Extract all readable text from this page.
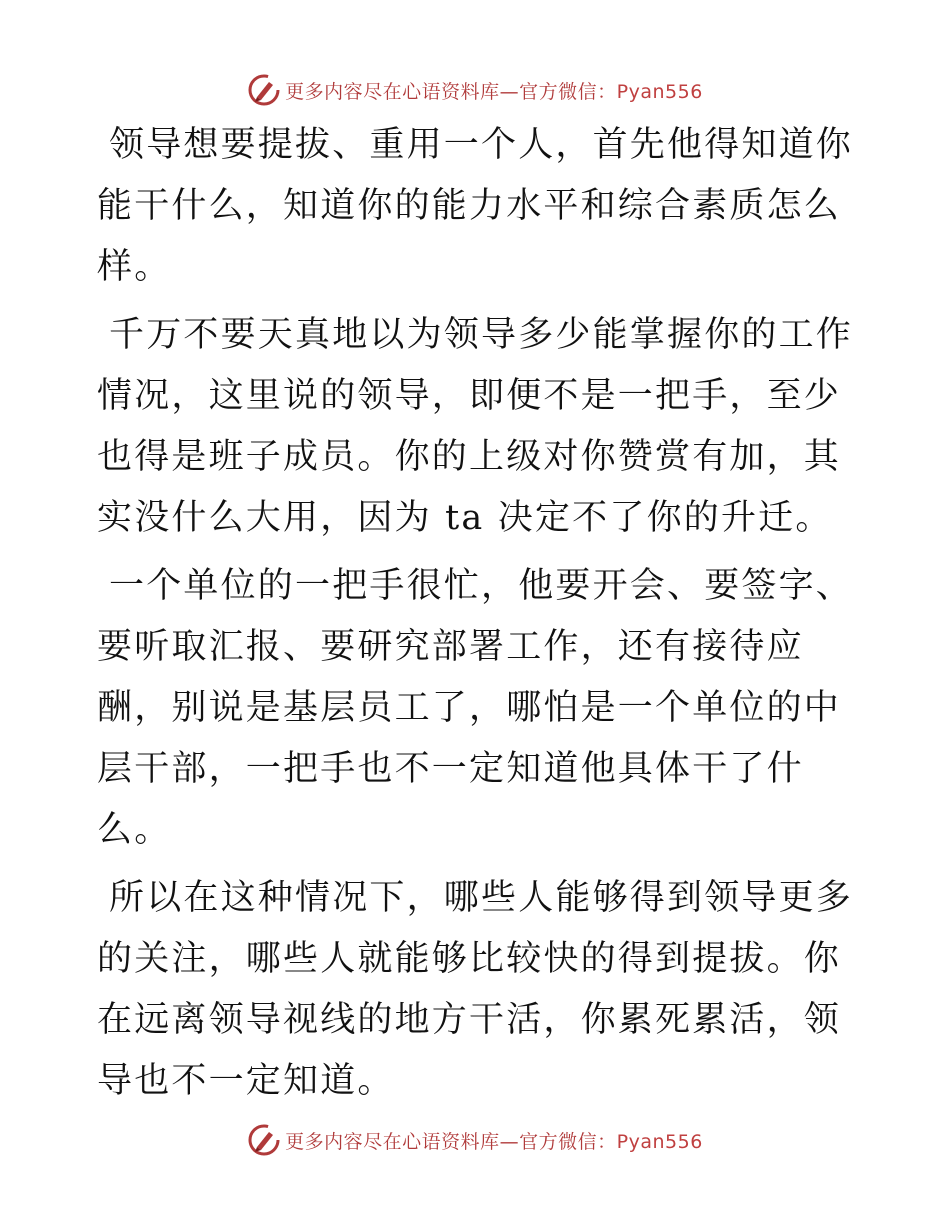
更多内容尽在心语资料库—官方微信：Pyan556

领导想要提拔、重用一个人，首先他得知道你能干什么，知道你的能力水平和综合素质怎么样。

千万不要天真地以为领导多少能掌握你的工作情况，这里说的领导，即便不是一把手，至少也得是班子成员。你的上级对你赞赏有加，其实没什么大用，因为 ta 决定不了你的升迁。

一个单位的一把手很忙，他要开会、要签字、要听取汇报、要研究部署工作，还有接待应酬，别说是基层员工了，哪怕是一个单位的中层干部，一把手也不一定知道他具体干了什么。

所以在这种情况下，哪些人能够得到领导更多的关注，哪些人就能够比较快的得到提拔。你在远离领导视线的地方干活，你累死累活，领导也不一定知道。

更多内容尽在心语资料库—官方微信：Pyan556
